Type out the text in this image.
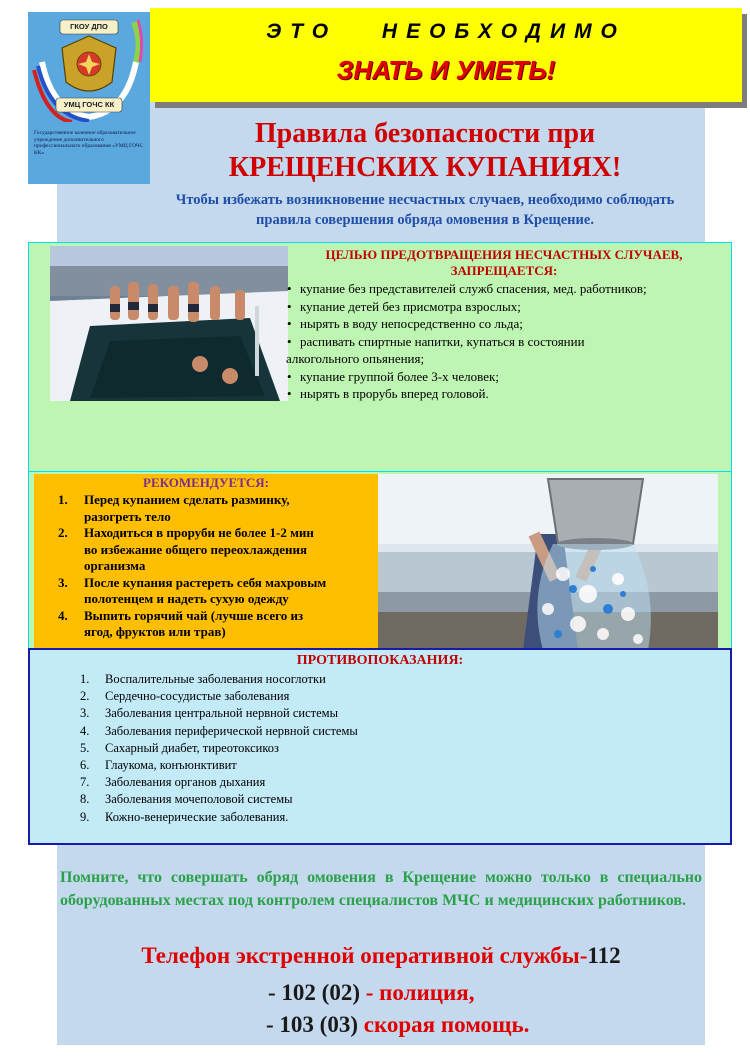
ЭТО НЕОБХОДИМО
ЗНАТЬ И УМЕТЬ!
ГКОУ ДПО
УМЦ ГОЧС КК
Государственное казенное образовательное учреждение дополнительного профессионального образования «УМЦ ГОЧС КК»
Правила безопасности при
КРЕЩЕНСКИХ КУПАНИЯХ!
Чтобы избежать возникновение несчастных случаев, необходимо соблюдать правила совершения обряда омовения в Крещение.
ЦЕЛЬЮ ПРЕДОТВРАЩЕНИЯ НЕСЧАСТНЫХ СЛУЧАЕВ,
ЗАПРЕЩАЕТСЯ:
• купание без представителей служб спасения, мед. работников;
• купание детей без присмотра взрослых;
• нырять в воду непосредственно со льда;
• распивать спиртные напитки, купаться в состоянии
алкогольного опьянения;
• купание группой более 3-х человек;
• нырять в прорубь вперед головой.
РЕКОМЕНДУЕТСЯ:
1. Перед купанием сделать разминку,
разогреть тело
2. Находиться в проруби не более 1-2 мин
во избежание общего переохлаждения
организма
3. После купания растереть себя махровым
полотенцем и надеть сухую одежду
4. Выпить горячий чай (лучше всего из
ягод, фруктов или трав)
ПРОТИВОПОКАЗАНИЯ:
1. Воспалительные заболевания носоглотки
2. Сердечно-сосудистые заболевания
3. Заболевания центральной нервной системы
4. Заболевания периферической нервной системы
5. Сахарный диабет, тиреотоксикоз
6. Глаукома, конъюнктивит
7. Заболевания органов дыхания
8. Заболевания мочеполовой системы
9. Кожно-венерические заболевания.
Помните, что совершать обряд омовения в Крещение можно только в специально оборудованных местах под контролем специалистов МЧС и медицинских работников.
Телефон экстренной оперативной службы-112
- 102 (02) - полиция,
- 103 (03) скорая помощь.
